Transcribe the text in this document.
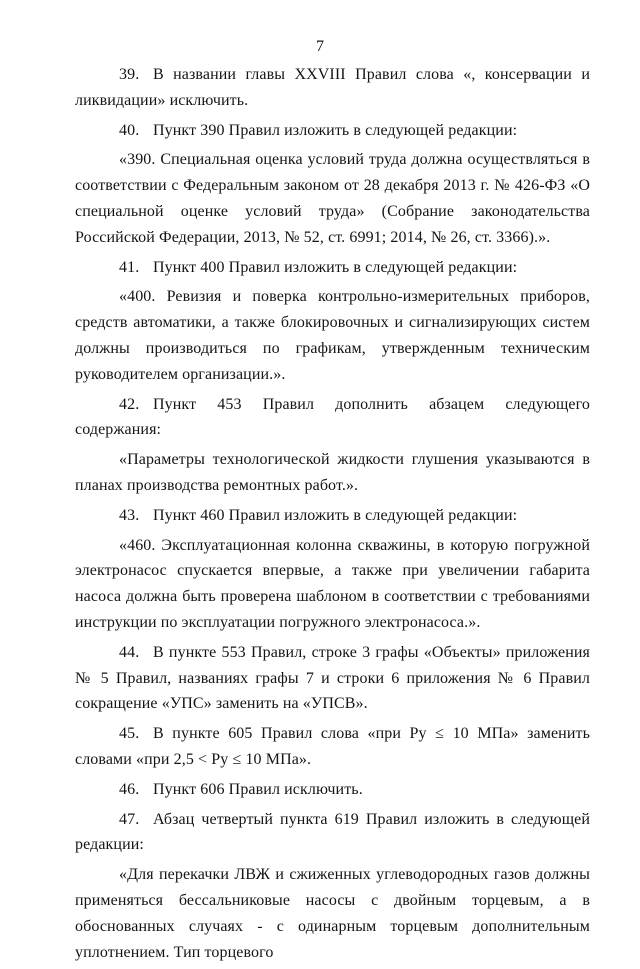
7

39. В названии главы XXVIII Правил слова «, консервации и ликвидации» исключить.

40. Пункт 390 Правил изложить в следующей редакции:

«390. Специальная оценка условий труда должна осуществляться в соответствии с Федеральным законом от 28 декабря 2013 г. № 426-ФЗ «О специальной оценке условий труда» (Собрание законодательства Российской Федерации, 2013, № 52, ст. 6991; 2014, № 26, ст. 3366).».

41. Пункт 400 Правил изложить в следующей редакции:

«400. Ревизия и поверка контрольно-измерительных приборов, средств автоматики, а также блокировочных и сигнализирующих систем должны производиться по графикам, утвержденным техническим руководителем организации.».

42. Пункт 453 Правил дополнить абзацем следующего содержания:

«Параметры технологической жидкости глушения указываются в планах производства ремонтных работ.».

43. Пункт 460 Правил изложить в следующей редакции:

«460. Эксплуатационная колонна скважины, в которую погружной электронасос спускается впервые, а также при увеличении габарита насоса должна быть проверена шаблоном в соответствии с требованиями инструкции по эксплуатации погружного электронасоса.».

44. В пункте 553 Правил, строке 3 графы «Объекты» приложения № 5 Правил, названиях графы 7 и строки 6 приложения № 6 Правил сокращение «УПС» заменить на «УПСВ».

45. В пункте 605 Правил слова «при Ру ≤ 10 МПа» заменить словами «при 2,5 < Ру ≤ 10 МПа».

46. Пункт 606 Правил исключить.

47. Абзац четвертый пункта 619 Правил изложить в следующей редакции:

«Для перекачки ЛВЖ и сжиженных углеводородных газов должны применяться бессальниковые насосы с двойным торцевым, а в обоснованных случаях - с одинарным торцевым дополнительным уплотнением. Тип торцевого
